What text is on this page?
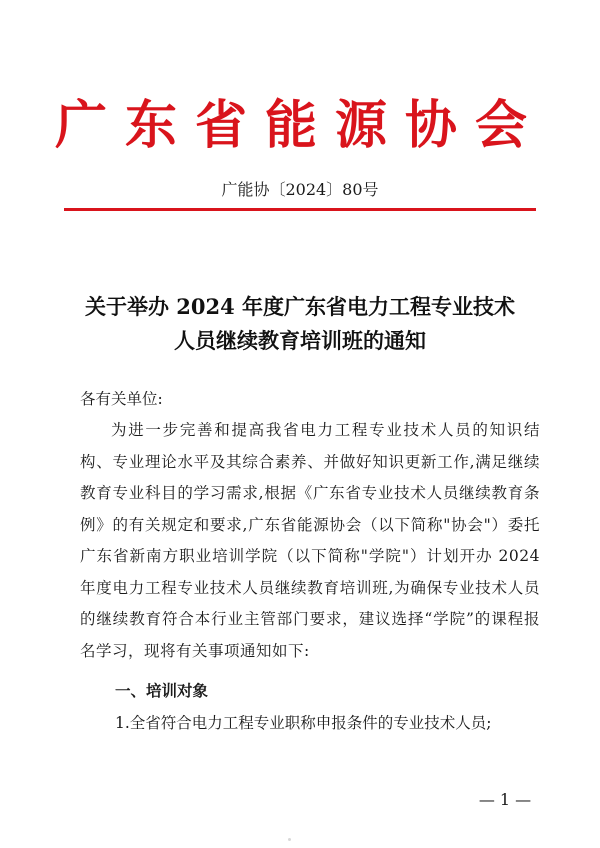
广东省能源协会
广能协〔2024〕80号
关于举办 2024 年度广东省电力工程专业技术
人员继续教育培训班的通知
各有关单位:
为进一步完善和提高我省电力工程专业技术人员的知识结构、专业理论水平及其综合素养、并做好知识更新工作,满足继续教育专业科目的学习需求,根据《广东省专业技术人员继续教育条例》的有关规定和要求,广东省能源协会（以下简称"协会"）委托广东省新南方职业培训学院（以下简称"学院"）计划开办 2024 年度电力工程专业技术人员继续教育培训班,为确保专业技术人员的继续教育符合本行业主管部门要求，建议选择“学院”的课程报名学习，现将有关事项通知如下:
一、培训对象
1.全省符合电力工程专业职称申报条件的专业技术人员;
— 1 —
